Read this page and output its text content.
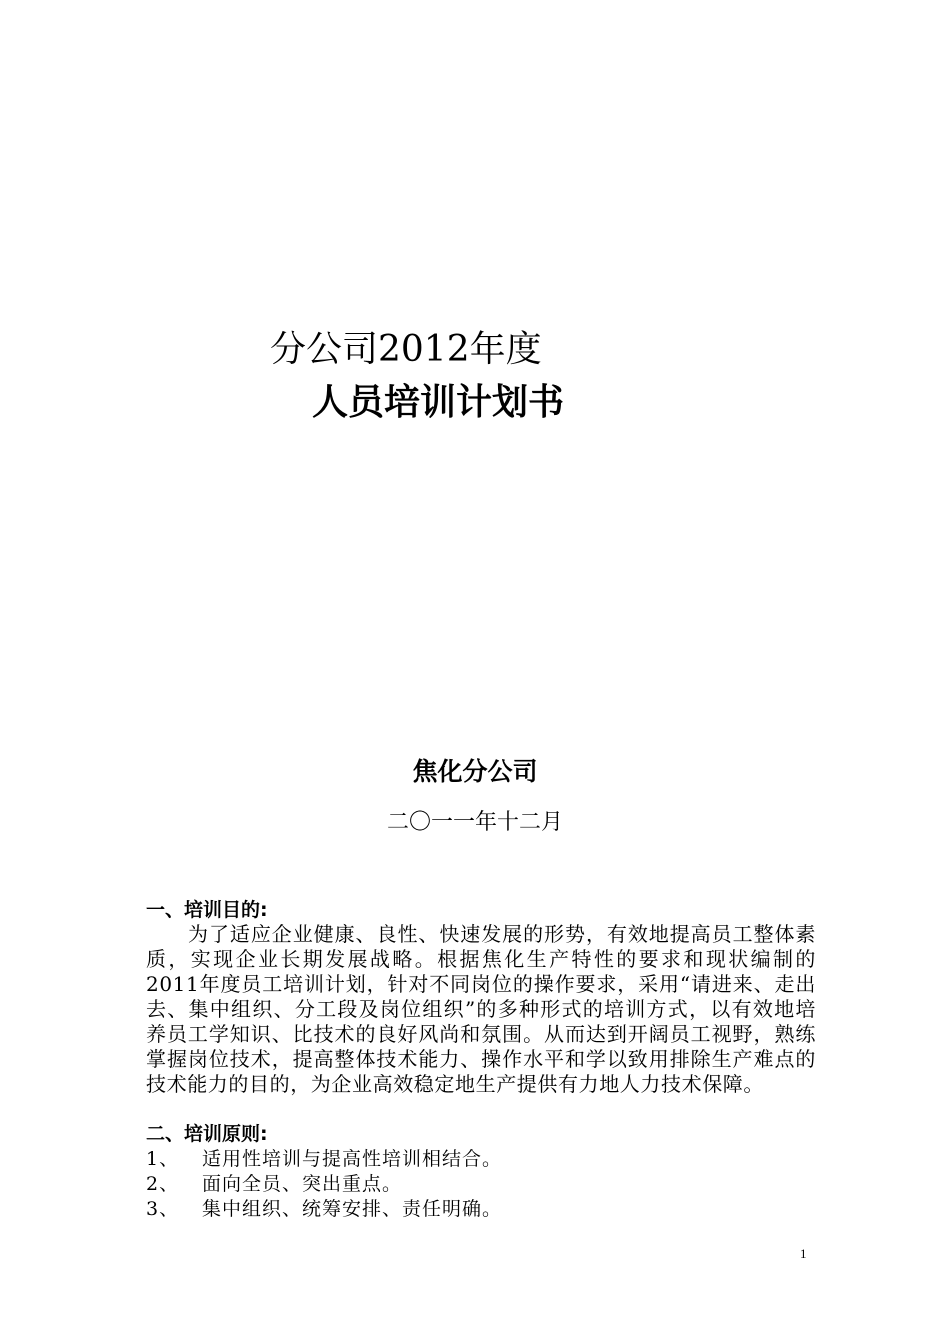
分公司2012年度
人员培训计划书
焦化分公司
二〇一一年十二月
一、培训目的:
为了适应企业健康、良性、快速发展的形势，有效地提高员工整体素质，实现企业长期发展战略。根据焦化生产特性的要求和现状编制的2011年度员工培训计划，针对不同岗位的操作要求，采用“请进来、走出去、集中组织、分工段及岗位组织”的多种形式的培训方式，以有效地培养员工学知识、比技术的良好风尚和氛围。从而达到开阔员工视野，熟练掌握岗位技术，提高整体技术能力、操作水平和学以致用排除生产难点的技术能力的目的，为企业高效稳定地生产提供有力地人力技术保障。
二、培训原则:
1、 适用性培训与提高性培训相结合。
2、 面向全员、突出重点。
3、 集中组织、统筹安排、责任明确。
1
